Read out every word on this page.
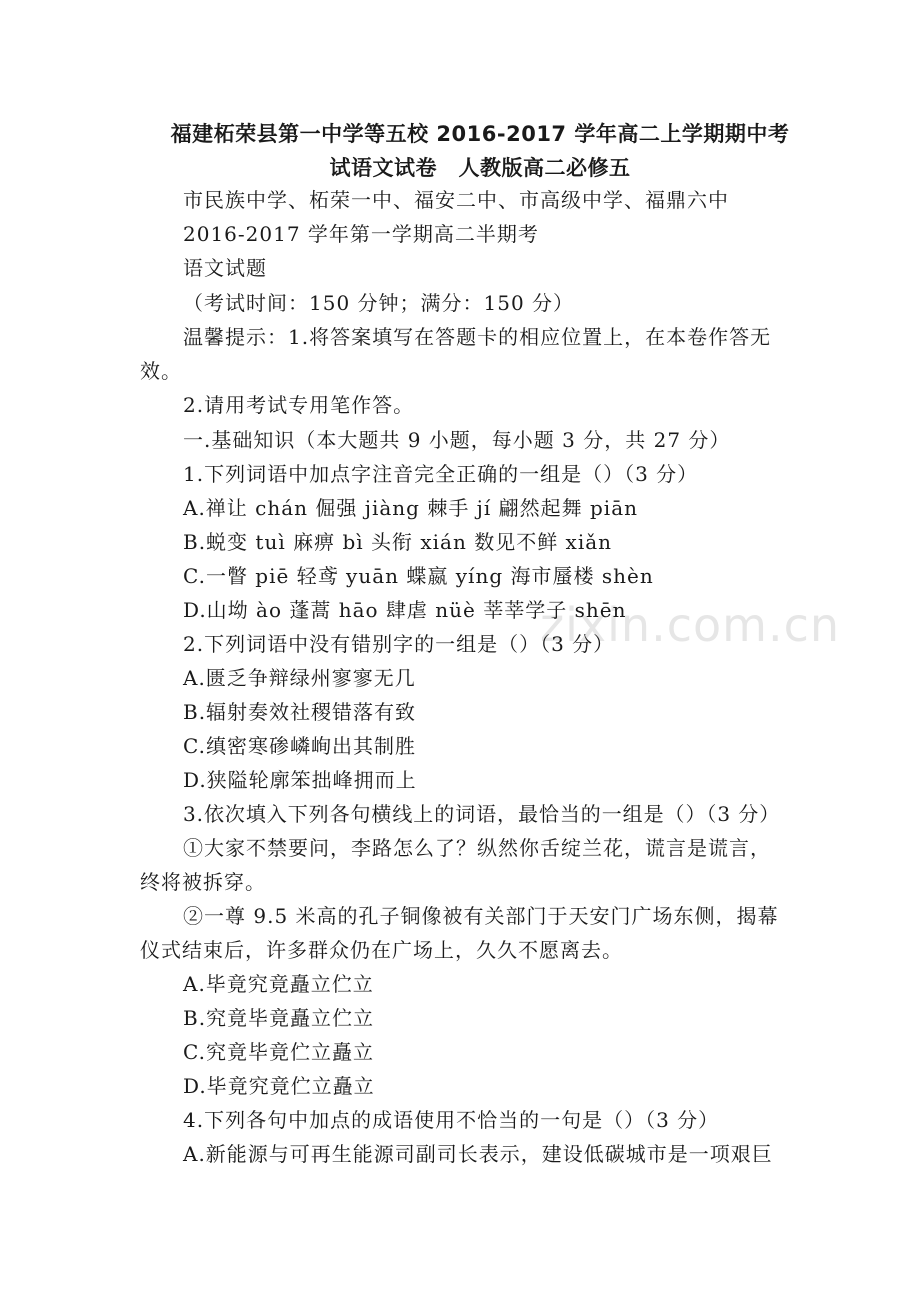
zixin.com.cn
福建柘荣县第一中学等五校 2016-2017 学年高二上学期期中考
试语文试卷　人教版高二必修五
市民族中学、柘荣一中、福安二中、市高级中学、福鼎六中
2016-2017 学年第一学期高二半期考
语文试题
（考试时间：150 分钟；满分：150 分）
温馨提示：1.将答案填写在答题卡的相应位置上，在本卷作答无
效。
2.请用考试专用笔作答。
一.基础知识（本大题共 9 小题，每小题 3 分，共 27 分）
1.下列词语中加点字注音完全正确的一组是（）（3 分）
A.禅让 chán 倔强 jiàng 棘手 jí 翩然起舞 piān
B.蜕变 tuì 麻痹 bì 头衔 xián 数见不鲜 xiǎn
C.一瞥 piē 轻鸢 yuān 蝶嬴 yíng 海市蜃楼 shèn
D.山坳 ào 蓬蒿 hāo 肆虐 nüè 莘莘学子 shēn
2.下列词语中没有错别字的一组是（）（3 分）
A.匮乏争辩绿州寥寥无几
B.辐射奏效社稷错落有致
C.缜密寒碜嶙峋出其制胜
D.狭隘轮廓笨拙峰拥而上
3.依次填入下列各句横线上的词语，最恰当的一组是（）（3 分）
①大家不禁要问，李路怎么了？纵然你舌绽兰花，谎言是谎言，
终将被拆穿。
②一尊 9.5 米高的孔子铜像被有关部门于天安门广场东侧，揭幕
仪式结束后，许多群众仍在广场上，久久不愿离去。
A.毕竟究竟矗立伫立
B.究竟毕竟矗立伫立
C.究竟毕竟伫立矗立
D.毕竟究竟伫立矗立
4.下列各句中加点的成语使用不恰当的一句是（）（3 分）
A.新能源与可再生能源司副司长表示，建设低碳城市是一项艰巨
